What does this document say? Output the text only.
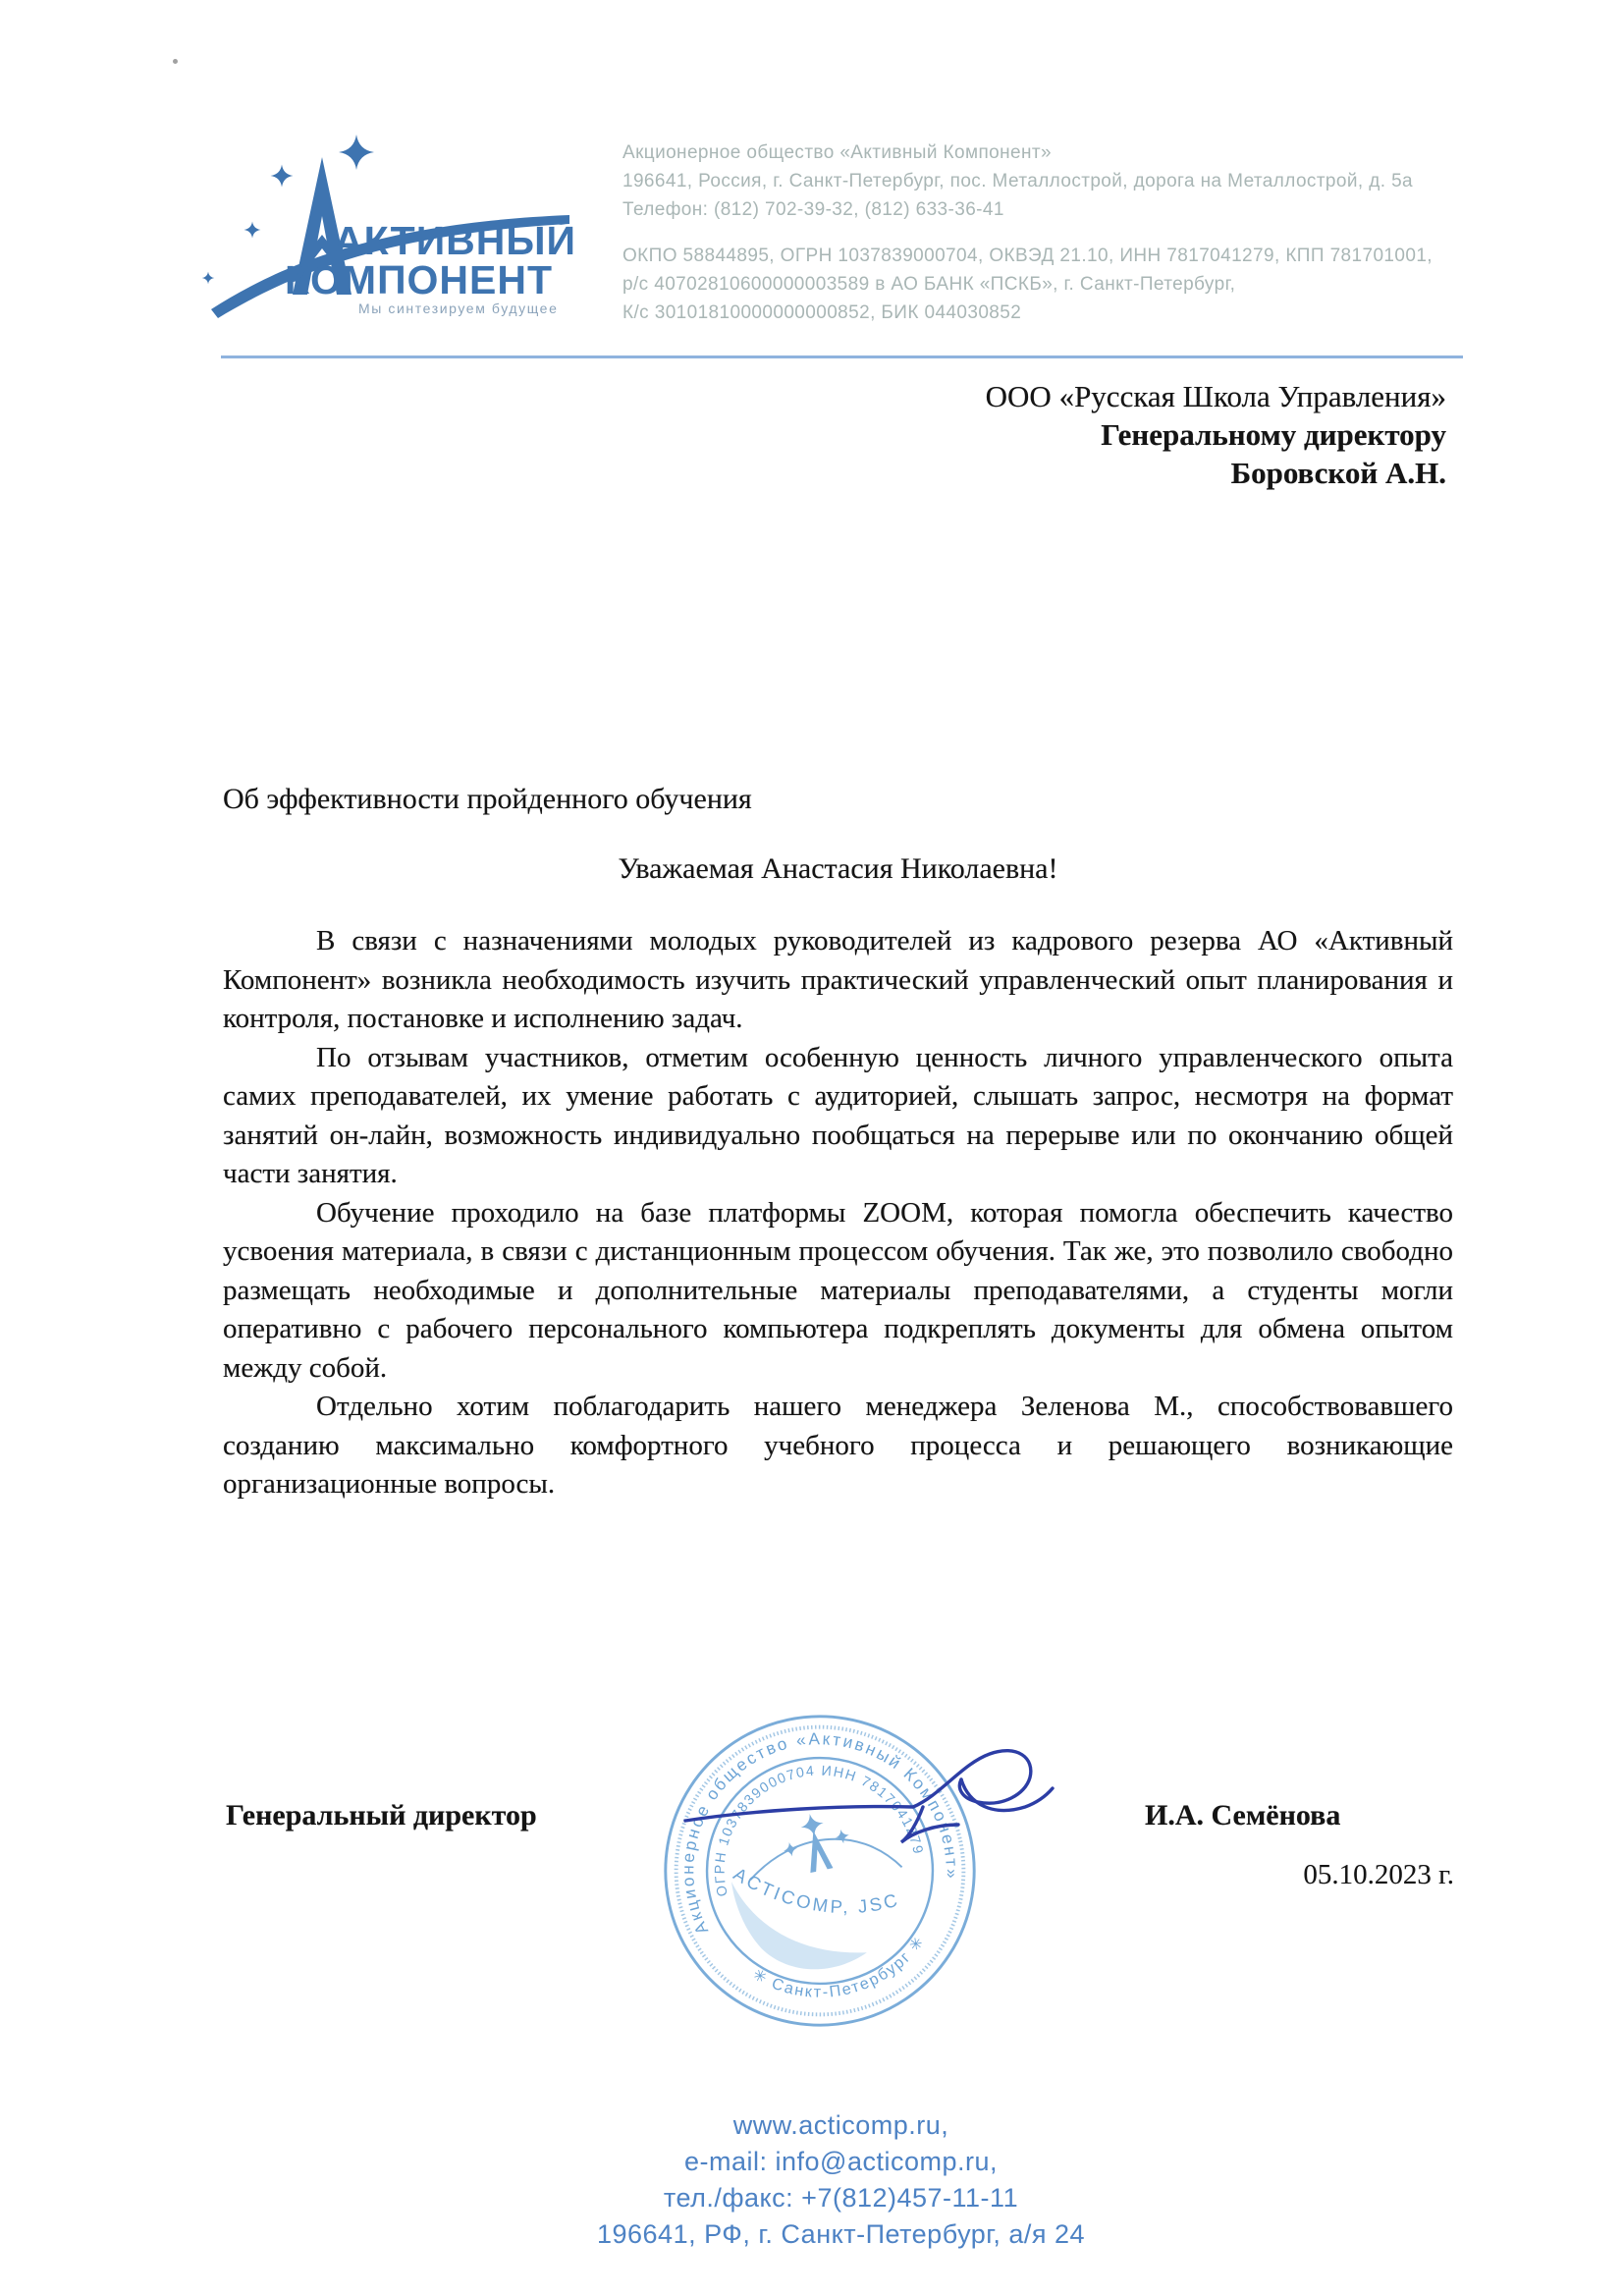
АКТИВНЫЙ
КОМПОНЕНТ
Мы синтезируем будущее
Акционерное общество «Активный Компонент»
196641, Россия, г. Санкт-Петербург, пос. Металлострой, дорога на Металлострой, д. 5а
Телефон: (812) 702-39-32, (812) 633-36-41
ОКПО 58844895, ОГРН 1037839000704, ОКВЭД 21.10, ИНН 7817041279, КПП 781701001,
р/с 40702810600000003589 в АО БАНК «ПСКБ», г. Санкт-Петербург,
К/с 30101810000000000852, БИК 044030852
ООО «Русская Школа Управления»
Генеральному директору
Боровской А.Н.
Об эффективности пройденного обучения
Уважаемая Анастасия Николаевна!

В связи с назначениями молодых руководителей из кадрового резерва АО «Активный Компонент» возникла необходимость изучить практический управленческий опыт планирования и контроля, постановке и исполнению задач.

По отзывам участников, отметим особенную ценность личного управленческого опыта самих преподавателей, их умение работать с аудиторией, слышать запрос, несмотря на формат занятий он-лайн, возможность индивидуально пообщаться на перерыве или по окончанию общей части занятия.

Обучение проходило на базе платформы ZOOM, которая помогла обеспечить качество усвоения материала, в связи с дистанционным процессом обучения. Так же, это позволило свободно размещать необходимые и дополнительные материалы преподавателями, а студенты могли оперативно с рабочего персонального компьютера подкреплять документы для обмена опытом между собой.

Отдельно хотим поблагодарить нашего менеджера Зеленова М., способствовавшего созданию максимально комфортного учебного процесса и решающего возникающие организационные вопросы.

Акционерное общество «Активный Компонент»
✳ Санкт-Петербург ✳
ОГРН 1037839000704 ИНН 7817041279
ACTICOMP, JSC
Генеральный директор	И.А. Семёнова
05.10.2023 г.
www.acticomp.ru,
e-mail: info@acticomp.ru,
тел./факс: +7(812)457-11-11
196641, РФ, г. Санкт-Петербург, а/я 24
